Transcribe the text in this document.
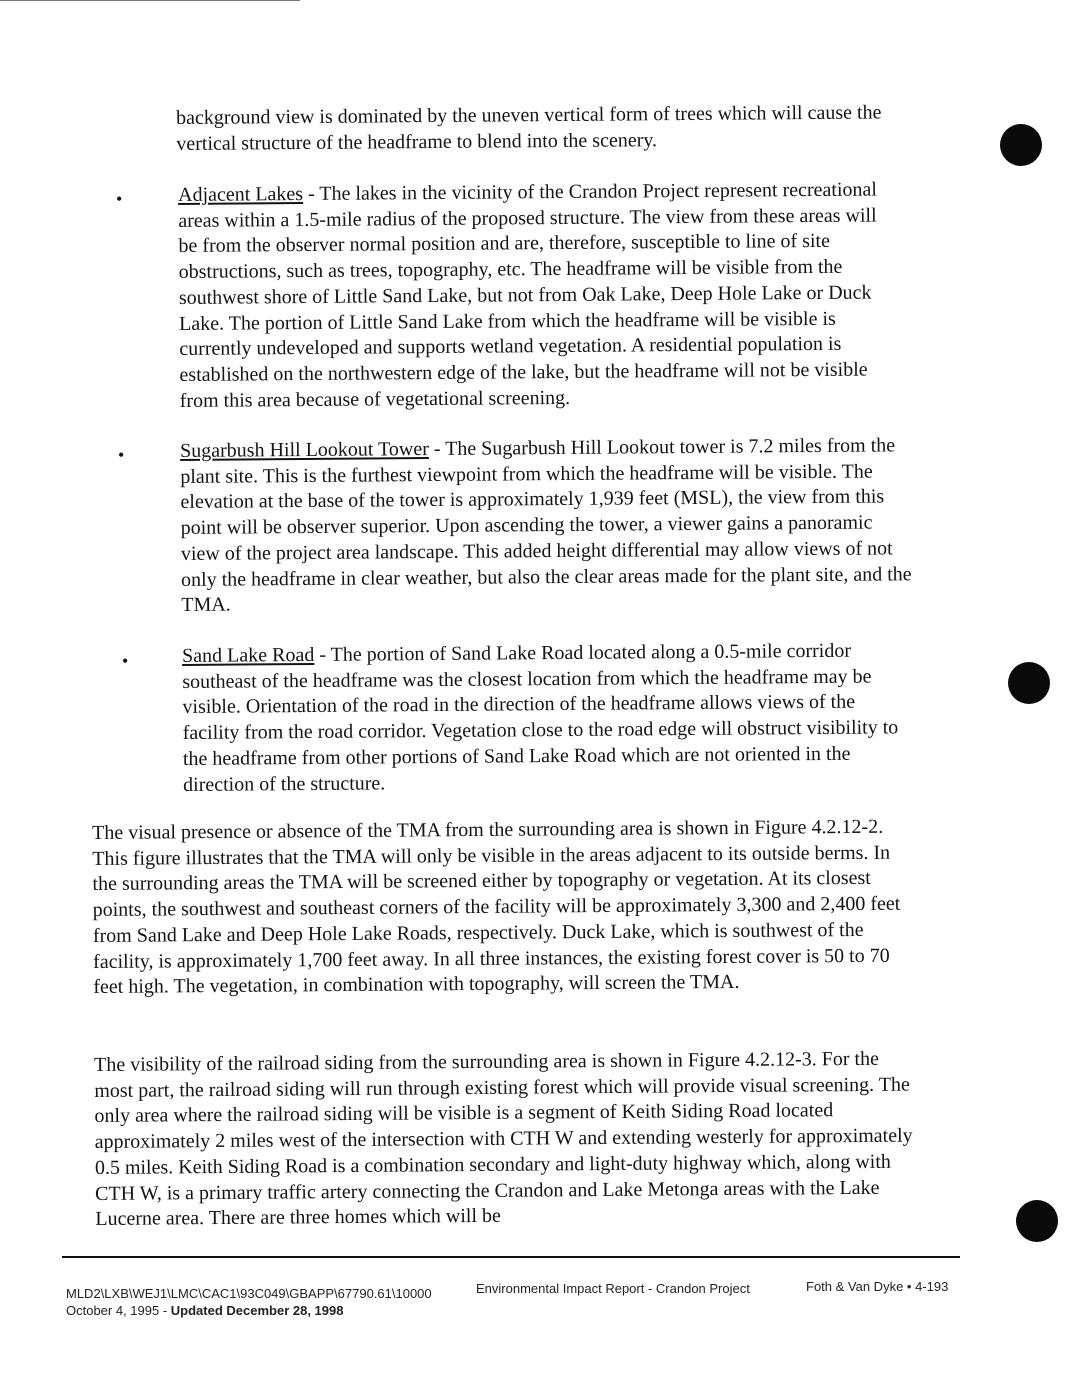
background view is dominated by the uneven vertical form of trees which will cause the vertical structure of the headframe to blend into the scenery.

•	Adjacent Lakes - The lakes in the vicinity of the Crandon Project represent recreational areas within a 1.5-mile radius of the proposed structure. The view from these areas will be from the observer normal position and are, therefore, susceptible to line of site obstructions, such as trees, topography, etc. The headframe will be visible from the southwest shore of Little Sand Lake, but not from Oak Lake, Deep Hole Lake or Duck Lake. The portion of Little Sand Lake from which the headframe will be visible is currently undeveloped and supports wetland vegetation. A residential population is established on the northwestern edge of the lake, but the headframe will not be visible from this area because of vegetational screening.

•	Sugarbush Hill Lookout Tower - The Sugarbush Hill Lookout tower is 7.2 miles from the plant site. This is the furthest viewpoint from which the headframe will be visible. The elevation at the base of the tower is approximately 1,939 feet (MSL), the view from this point will be observer superior. Upon ascending the tower, a viewer gains a panoramic view of the project area landscape. This added height differential may allow views of not only the headframe in clear weather, but also the clear areas made for the plant site, and the TMA.

•	Sand Lake Road - The portion of Sand Lake Road located along a 0.5-mile corridor southeast of the headframe was the closest location from which the headframe may be visible. Orientation of the road in the direction of the headframe allows views of the facility from the road corridor. Vegetation close to the road edge will obstruct visibility to the headframe from other portions of Sand Lake Road which are not oriented in the direction of the structure.

The visual presence or absence of the TMA from the surrounding area is shown in Figure 4.2.12-2. This figure illustrates that the TMA will only be visible in the areas adjacent to its outside berms. In the surrounding areas the TMA will be screened either by topography or vegetation. At its closest points, the southwest and southeast corners of the facility will be approximately 3,300 and 2,400 feet from Sand Lake and Deep Hole Lake Roads, respectively. Duck Lake, which is southwest of the facility, is approximately 1,700 feet away. In all three instances, the existing forest cover is 50 to 70 feet high. The vegetation, in combination with topography, will screen the TMA.

The visibility of the railroad siding from the surrounding area is shown in Figure 4.2.12-3. For the most part, the railroad siding will run through existing forest which will provide visual screening. The only area where the railroad siding will be visible is a segment of Keith Siding Road located approximately 2 miles west of the intersection with CTH W and extending westerly for approximately 0.5 miles. Keith Siding Road is a combination secondary and light-duty highway which, along with CTH W, is a primary traffic artery connecting the Crandon and Lake Metonga areas with the Lake Lucerne area. There are three homes which will be

MLD2\LXB\WEJ1\LMC\CAC1\93C049\GBAPP\67790.61\10000
October 4, 1995 - Updated December 28, 1998
Environmental Impact Report - Crandon Project	Foth & Van Dyke • 4-193
